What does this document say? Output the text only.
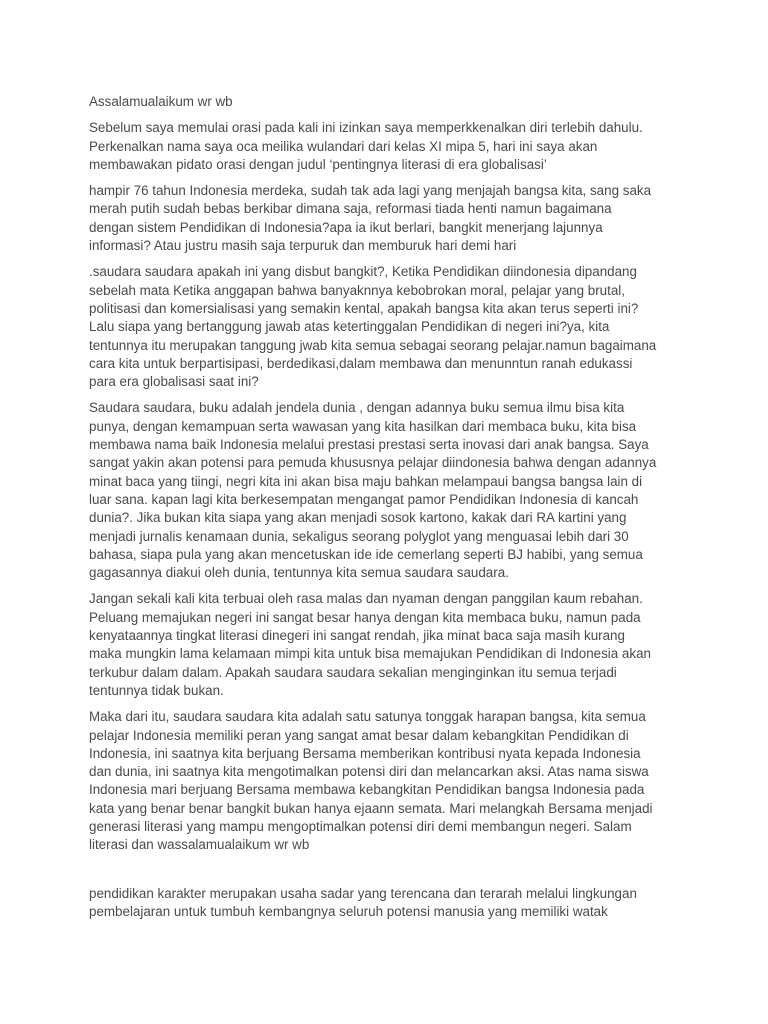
Assalamualaikum wr wb

Sebelum saya memulai orasi pada kali ini izinkan saya memperkkenalkan diri terlebih dahulu.
Perkenalkan nama saya oca meilika wulandari dari kelas XI mipa 5, hari ini saya akan
membawakan pidato orasi dengan judul ‘pentingnya literasi di era globalisasi’

hampir 76 tahun Indonesia merdeka, sudah tak ada lagi yang menjajah bangsa kita, sang saka
merah putih sudah bebas berkibar dimana saja, reformasi tiada henti namun bagaimana
dengan sistem Pendidikan di Indonesia?apa ia ikut berlari, bangkit menerjang lajunnya
informasi? Atau justru masih saja terpuruk dan memburuk hari demi hari

.saudara saudara apakah ini yang disbut bangkit?, Ketika Pendidikan diindonesia dipandang
sebelah mata Ketika anggapan bahwa banyaknnya kebobrokan moral, pelajar yang brutal,
politisasi dan komersialisasi yang semakin kental, apakah bangsa kita akan terus seperti ini?
Lalu siapa yang bertanggung jawab atas ketertinggalan Pendidikan di negeri ini?ya, kita
tentunnya itu merupakan tanggung jwab kita semua sebagai seorang pelajar.namun bagaimana
cara kita untuk berpartisipasi, berdedikasi,dalam membawa dan menunntun ranah edukassi
para era globalisasi saat ini?

Saudara saudara, buku adalah jendela dunia , dengan adannya buku semua ilmu bisa kita
punya, dengan kemampuan serta wawasan yang kita hasilkan dari membaca buku, kita bisa
membawa nama baik Indonesia melalui prestasi prestasi serta inovasi dari anak bangsa. Saya
sangat yakin akan potensi para pemuda khususnya pelajar diindonesia bahwa dengan adannya
minat baca yang tiingi, negri kita ini akan bisa maju bahkan melampaui bangsa bangsa lain di
luar sana. kapan lagi kita berkesempatan mengangat pamor Pendidikan Indonesia di kancah
dunia?. Jika bukan kita siapa yang akan menjadi sosok kartono, kakak dari RA kartini yang
menjadi jurnalis kenamaan dunia, sekaligus seorang polyglot yang menguasai lebih dari 30
bahasa, siapa pula yang akan mencetuskan ide ide cemerlang seperti BJ habibi, yang semua
gagasannya diakui oleh dunia, tentunnya kita semua saudara saudara.

Jangan sekali kali kita terbuai oleh rasa malas dan nyaman dengan panggilan kaum rebahan.
Peluang memajukan negeri ini sangat besar hanya dengan kita membaca buku, namun pada
kenyataannya tingkat literasi dinegeri ini sangat rendah, jika minat baca saja masih kurang
maka mungkin lama kelamaan mimpi kita untuk bisa memajukan Pendidikan di Indonesia akan
terkubur dalam dalam. Apakah saudara saudara sekalian menginginkan itu semua terjadi
tentunnya tidak bukan.

Maka dari itu, saudara saudara kita adalah satu satunya tonggak harapan bangsa, kita semua
pelajar Indonesia memiliki peran yang sangat amat besar dalam kebangkitan Pendidikan di
Indonesia, ini saatnya kita berjuang Bersama memberikan kontribusi nyata kepada Indonesia
dan dunia, ini saatnya kita mengotimalkan potensi diri dan melancarkan aksi. Atas nama siswa
Indonesia mari berjuang Bersama membawa kebangkitan Pendidikan bangsa Indonesia pada
kata yang benar benar bangkit bukan hanya ejaann semata. Mari melangkah Bersama menjadi
generasi literasi yang mampu mengoptimalkan potensi diri demi membangun negeri. Salam
literasi dan wassalamualaikum wr wb

pendidikan karakter merupakan usaha sadar yang terencana dan terarah melalui lingkungan
pembelajaran untuk tumbuh kembangnya seluruh potensi manusia yang memiliki watak
